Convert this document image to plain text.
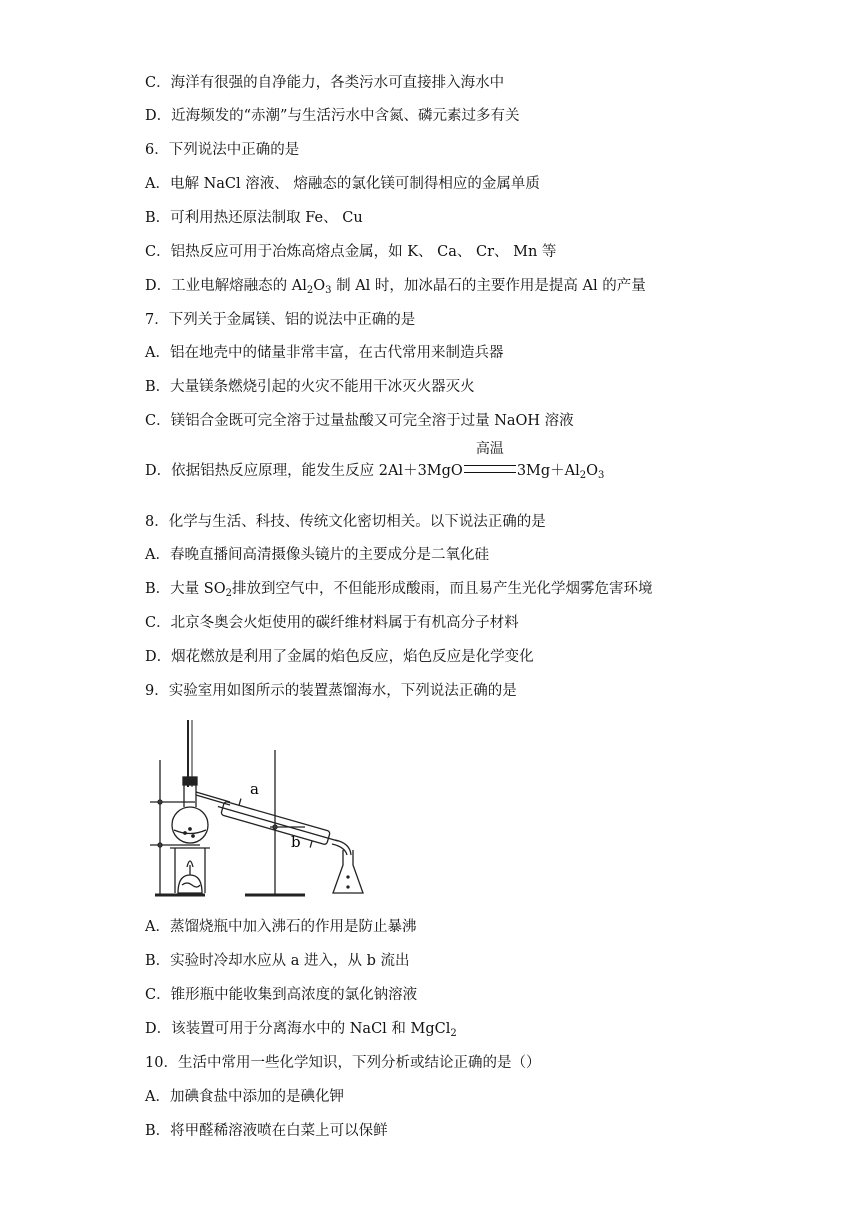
C．海洋有很强的自净能力，各类污水可直接排入海水中
D．近海频发的“赤潮”与生活污水中含氮、磷元素过多有关
6．下列说法中正确的是
A．电解 NaCl 溶液、 熔融态的氯化镁可制得相应的金属单质
B．可利用热还原法制取 Fe、 Cu
C．铝热反应可用于冶炼高熔点金属，如 K、 Ca、 Cr、 Mn 等
D．工业电解熔融态的 $Al_2O_3$ 制 Al 时，加冰晶石的主要作用是提高 Al 的产量
7．下列关于金属镁、铝的说法中正确的是
A．铝在地壳中的储量非常丰富，在古代常用来制造兵器
B．大量镁条燃烧引起的火灾不能用干冰灭火器灭火
C．镁铝合金既可完全溶于过量盐酸又可完全溶于过量 NaOH 溶液
D．依据铝热反应原理，能发生反应 2Al＋3MgO
高温
$3Mg+Al_2O_3$
8．化学与生活、科技、传统文化密切相关。以下说法正确的是
A．春晚直播间高清摄像头镜片的主要成分是二氧化硅
B．大量 $SO_2$排放到空气中，不但能形成酸雨，而且易产生光化学烟雾危害环境
C．北京冬奥会火炬使用的碳纤维材料属于有机高分子材料
D．烟花燃放是利用了金属的焰色反应，焰色反应是化学变化
9．实验室用如图所示的装置蒸馏海水，下列说法正确的是
a
b
A．蒸馏烧瓶中加入沸石的作用是防止暴沸
B．实验时冷却水应从 a 进入，从 b 流出
C．锥形瓶中能收集到高浓度的氯化钠溶液
D．该装置可用于分离海水中的 NaCl 和 MgCl$_2$
10．生活中常用一些化学知识，下列分析或结论正确的是（）
A．加碘食盐中添加的是碘化钾
B．将甲醛稀溶液喷在白菜上可以保鲜
